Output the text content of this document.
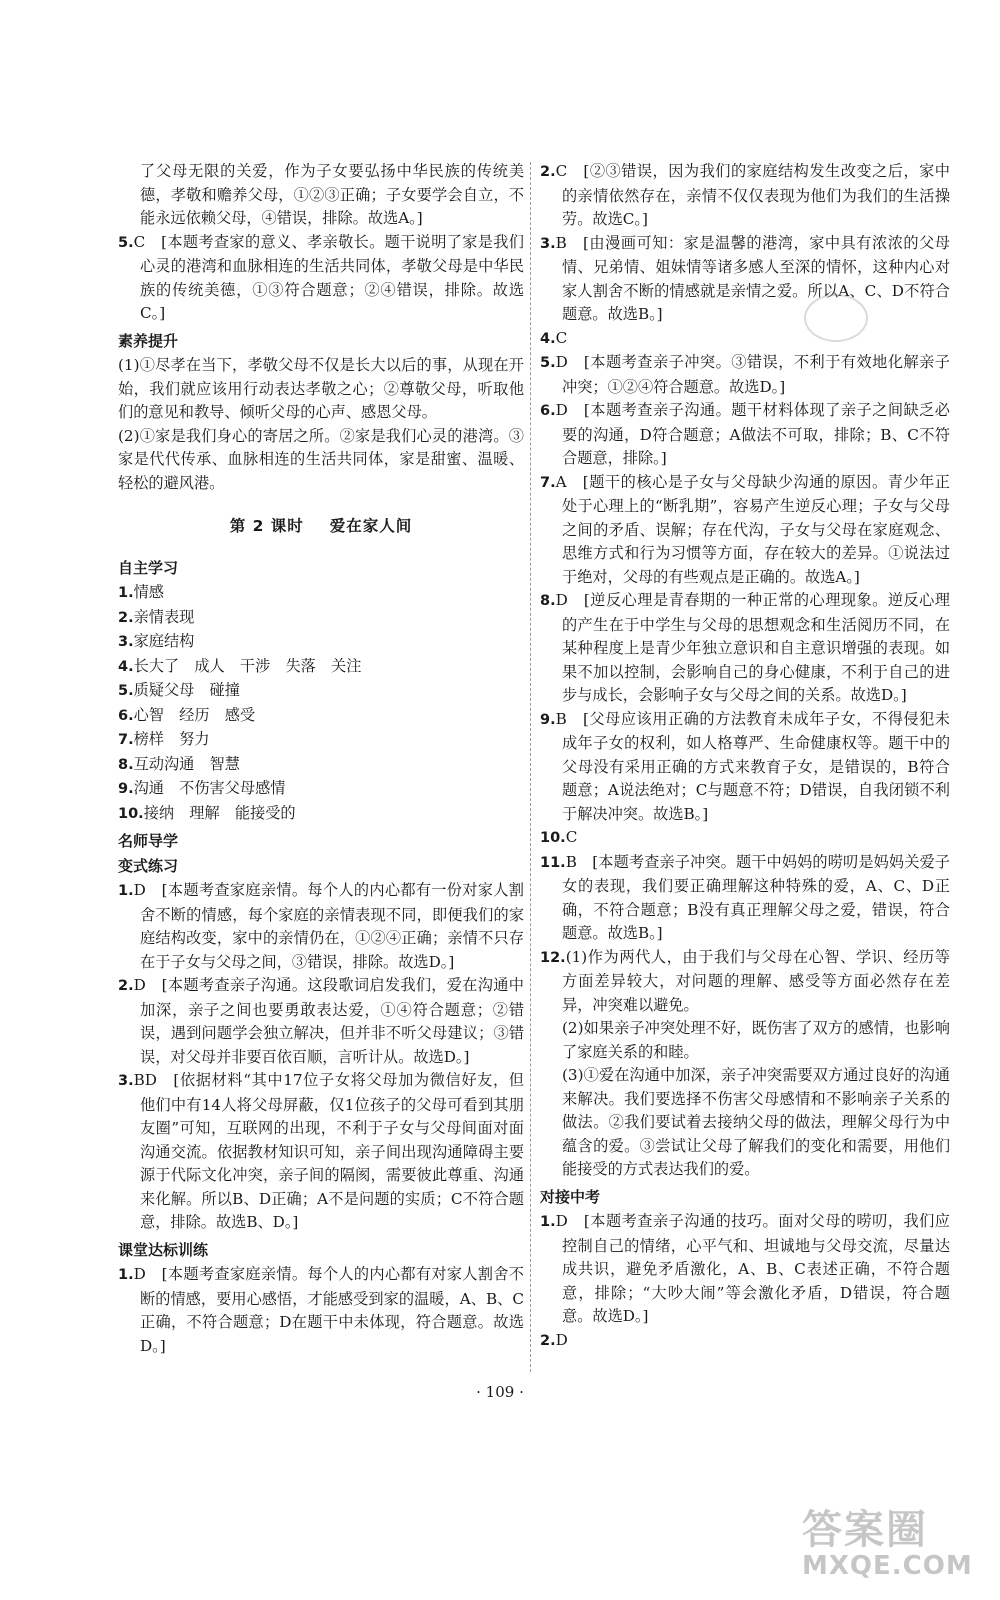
了父母无限的关爱，作为子女要弘扬中华民族的传统美德，孝敬和赡养父母，①②③正确；子女要学会自立，不能永远依赖父母，④错误，排除。故选A。]

5.C　[本题考查家的意义、孝亲敬长。题干说明了家是我们心灵的港湾和血脉相连的生活共同体，孝敬父母是中华民族的传统美德，①③符合题意；②④错误，排除。故选C。]

素养提升

(1)①尽孝在当下，孝敬父母不仅是长大以后的事，从现在开始，我们就应该用行动表达孝敬之心；②尊敬父母，听取他们的意见和教导、倾听父母的心声、感恩父母。

(2)①家是我们身心的寄居之所。②家是我们心灵的港湾。③家是代代传承、血脉相连的生活共同体，家是甜蜜、温暖、轻松的避风港。

第 2 课时 爱在家人间
自主学习

1.情感

2.亲情表现

3.家庭结构

4.长大了　成人　干涉　失落　关注

5.质疑父母　碰撞

6.心智　经历　感受

7.榜样　努力

8.互动沟通　智慧

9.沟通　不伤害父母感情

10.接纳　理解　能接受的

名师导学
变式练习

1.D　[本题考查家庭亲情。每个人的内心都有一份对家人割舍不断的情感，每个家庭的亲情表现不同，即便我们的家庭结构改变，家中的亲情仍在，①②④正确；亲情不只存在于子女与父母之间，③错误，排除。故选D。]

2.D　[本题考查亲子沟通。这段歌词启发我们，爱在沟通中加深，亲子之间也要勇敢表达爱，①④符合题意；②错误，遇到问题学会独立解决，但并非不听父母建议；③错误，对父母并非要百依百顺，言听计从。故选D。]

3.BD　[依据材料“其中17位子女将父母加为微信好友，但他们中有14人将父母屏蔽，仅1位孩子的父母可看到其朋友圈”可知，互联网的出现，不利于子女与父母间面对面沟通交流。依据教材知识可知，亲子间出现沟通障碍主要源于代际文化冲突，亲子间的隔阂，需要彼此尊重、沟通来化解。所以B、D正确；A不是问题的实质；C不符合题意，排除。故选B、D。]

课堂达标训练

1.D　[本题考查家庭亲情。每个人的内心都有对家人割舍不断的情感，要用心感悟，才能感受到家的温暖，A、B、C正确，不符合题意；D在题干中未体现，符合题意。故选D。]

2.C　[②③错误，因为我们的家庭结构发生改变之后，家中的亲情依然存在，亲情不仅仅表现为他们为我们的生活操劳。故选C。]

3.B　[由漫画可知：家是温馨的港湾，家中具有浓浓的父母情、兄弟情、姐妹情等诸多感人至深的情怀，这种内心对家人割舍不断的情感就是亲情之爱。所以A、C、D不符合题意。故选B。]

4.C

5.D　[本题考查亲子冲突。③错误，不利于有效地化解亲子冲突；①②④符合题意。故选D。]

6.D　[本题考查亲子沟通。题干材料体现了亲子之间缺乏必要的沟通，D符合题意；A做法不可取，排除；B、C不符合题意，排除。]

7.A　[题干的核心是子女与父母缺少沟通的原因。青少年正处于心理上的“断乳期”，容易产生逆反心理；子女与父母之间的矛盾、误解；存在代沟，子女与父母在家庭观念、思维方式和行为习惯等方面，存在较大的差异。①说法过于绝对，父母的有些观点是正确的。故选A。]

8.D　[逆反心理是青春期的一种正常的心理现象。逆反心理的产生在于中学生与父母的思想观念和生活阅历不同，在某种程度上是青少年独立意识和自主意识增强的表现。如果不加以控制，会影响自己的身心健康，不利于自己的进步与成长，会影响子女与父母之间的关系。故选D。]

9.B　[父母应该用正确的方法教育未成年子女，不得侵犯未成年子女的权利，如人格尊严、生命健康权等。题干中的父母没有采用正确的方式来教育子女，是错误的，B符合题意；A说法绝对；C与题意不符；D错误，自我闭锁不利于解决冲突。故选B。]

10.C

11.B　[本题考查亲子冲突。题干中妈妈的唠叨是妈妈关爱子女的表现，我们要正确理解这种特殊的爱，A、C、D正确，不符合题意；B没有真正理解父母之爱，错误，符合题意。故选B。]

12.(1)作为两代人，由于我们与父母在心智、学识、经历等方面差异较大，对问题的理解、感受等方面必然存在差异，冲突难以避免。

(2)如果亲子冲突处理不好，既伤害了双方的感情，也影响了家庭关系的和睦。

(3)①爱在沟通中加深，亲子冲突需要双方通过良好的沟通来解决。我们要选择不伤害父母感情和不影响亲子关系的做法。②我们要试着去接纳父母的做法，理解父母行为中蕴含的爱。③尝试让父母了解我们的变化和需要，用他们能接受的方式表达我们的爱。

对接中考

1.D　[本题考查亲子沟通的技巧。面对父母的唠叨，我们应控制自己的情绪，心平气和、坦诚地与父母交流，尽量达成共识，避免矛盾激化，A、B、C表述正确，不符合题意，排除；“大吵大闹”等会激化矛盾，D错误，符合题意。故选D。]

2.D

· 109 ·
答案圈
MXQE.COM
